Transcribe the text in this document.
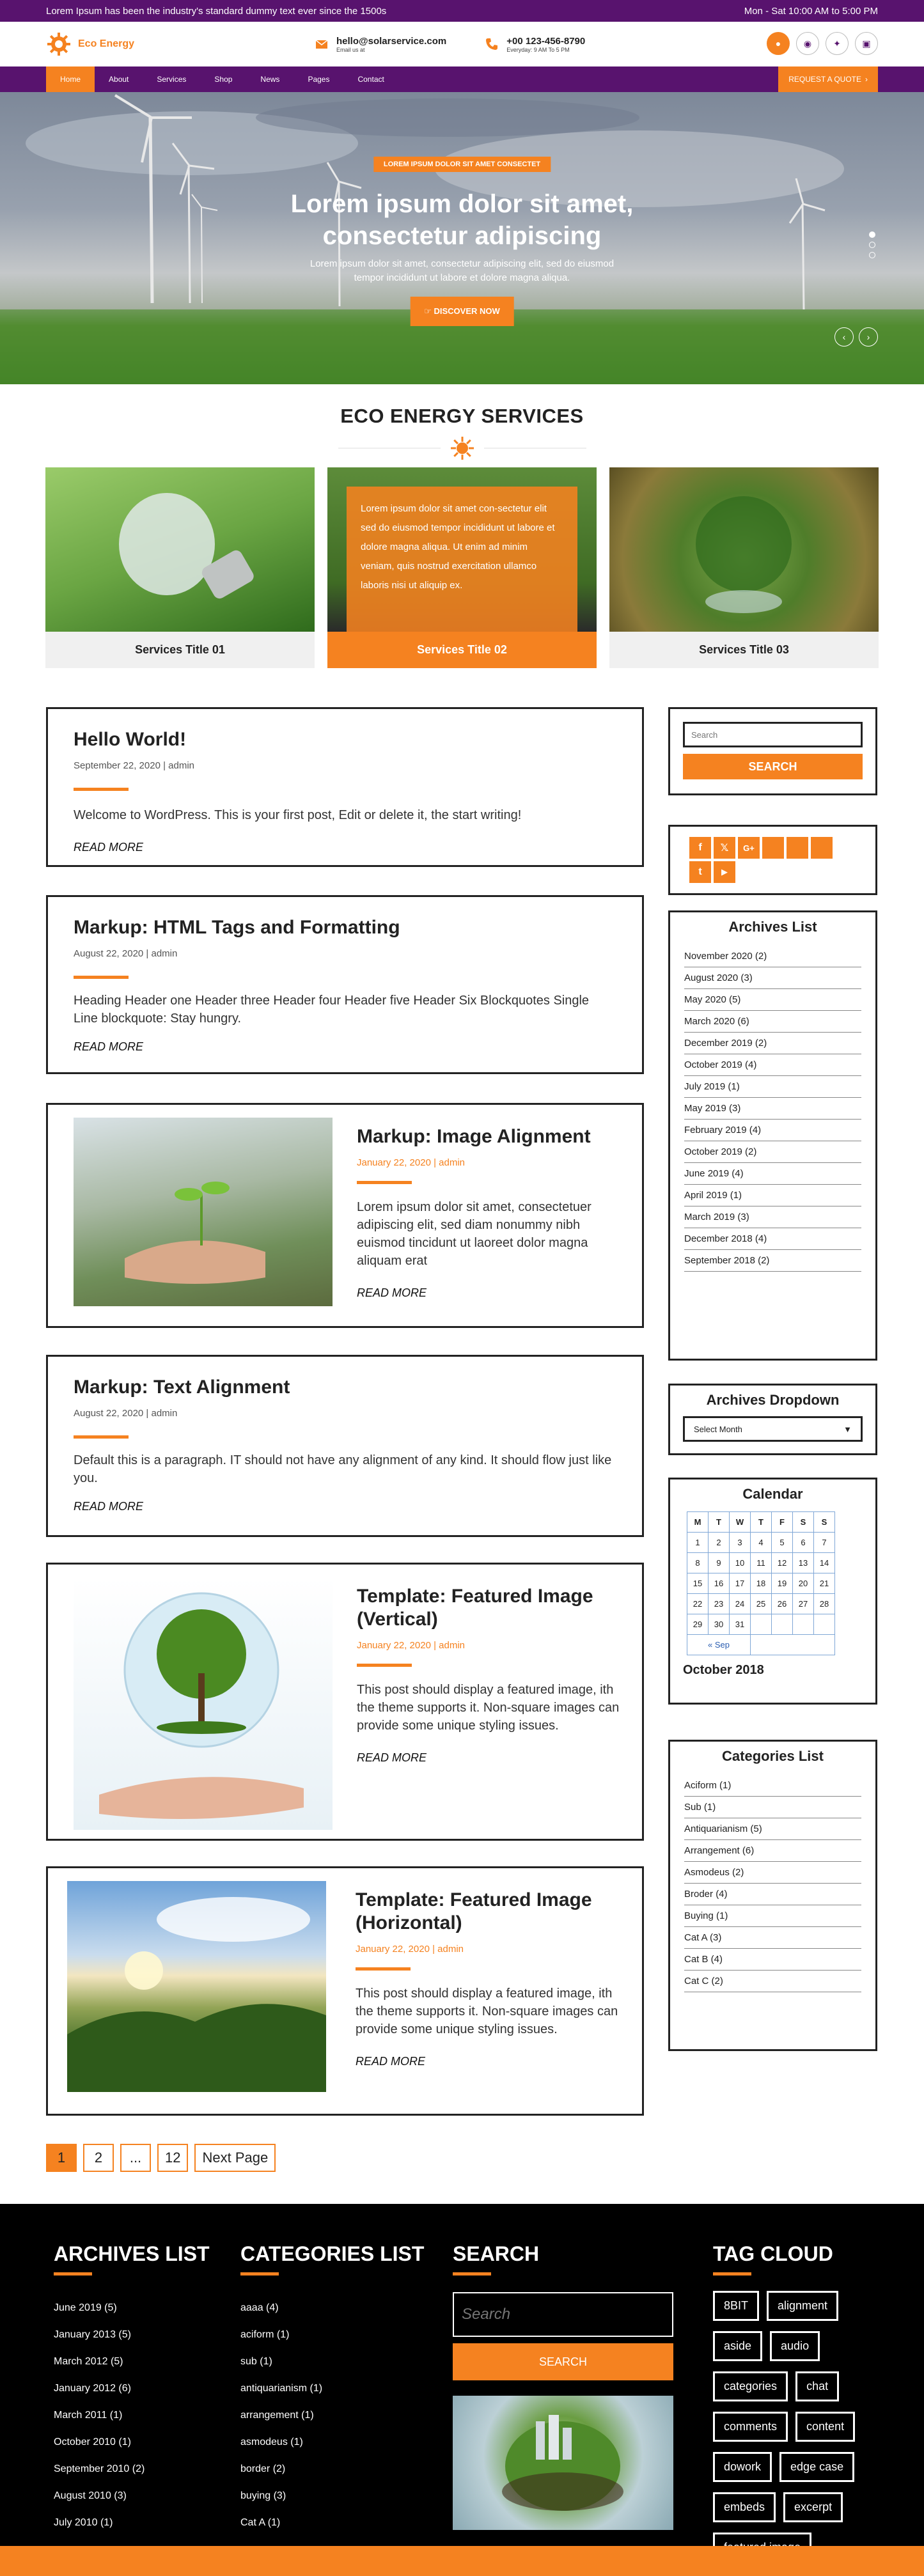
Lorem Ipsum has been the industry's standard dummy text ever since the 1500s	Mon - Sat 10:00 AM to 5:00 PM
Eco Energy	hello@solarservice.com
Email us at
+00 123-456-8790
Everyday: 9 AM To 5 PM
●	◉	✦	▣
Home	About	Services	Shop	News	Pages	Contact	REQUEST A QUOTE ›
LOREM IPSUM DOLOR SIT AMET CONSECTET
Lorem ipsum dolor sit amet, consectetur adipiscing
Lorem ipsum dolor sit amet, consectetur adipiscing elit, sed do eiusmod tempor incididunt ut labore et dolore magna aliqua.
☞ DISCOVER NOW
‹	›
ECO ENERGY SERVICES
Services Title 01
Lorem ipsum dolor sit amet con-sectetur elit sed do eiusmod tempor incididunt ut labore et dolore magna aliqua. Ut enim ad minim veniam, quis nostrud exercitation ullamco laboris nisi ut aliquip ex.
Services Title 02	Services Title 03
Hello World!
September 22, 2020 | admin
Welcome to WordPress. This is your first post, Edit or delete it, the start writing!
READ MORE
Markup: HTML Tags and Formatting
August 22, 2020 | admin
Heading Header one Header three Header four Header five Header Six Blockquotes Single Line blockquote: Stay hungry.
READ MORE
Markup: Image Alignment
January 22, 2020 | admin
Lorem ipsum dolor sit amet, consectetuer adipiscing elit, sed diam nonummy nibh euismod tincidunt ut laoreet dolor magna aliquam erat
READ MORE
Markup: Text Alignment
August 22, 2020 | admin
Default this is a paragraph. IT should not have any alignment of any kind. It should flow just like you.
READ MORE
Template: Featured Image (Vertical)
January 22, 2020 | admin
This post should display a featured image, ith the theme supports it. Non-square images can provide some unique styling issues.
READ MORE
Template: Featured Image (Horizontal)
January 22, 2020 | admin
This post should display a featured image, ith the theme supports it. Non-square images can provide some unique styling issues.
READ MORE
1	2	...	12	Next Page
Search
SEARCH
f	𝕏	G+
t	▶
Archives List
November 2020 (2)
August 2020 (3)
May 2020 (5)
March 2020 (6)
December 2019 (2)
October 2019 (4)
July 2019 (1)
May 2019 (3)
February 2019 (4)
October 2019 (2)
June 2019 (4)
April 2019 (1)
March 2019 (3)
December 2018 (4)
September 2018 (2)
Archives Dropdown
Select Month	▼
Calendar
M	T	W	T	F	S	S
1	2	3	4	5	6	7
8	9	10	11	12	13	14
15	16	17	18	19	20	21
22	23	24	25	26	27	28
29	30	31				
« Sep						
October 2018
Categories List
Aciform (1)
Sub (1)
Antiquarianism (5)
Arrangement (6)
Asmodeus (2)
Broder (4)
Buying (1)
Cat A (3)
Cat B (4)
Cat C (2)
ARCHIVES LIST
June 2019 (5)
January 2013 (5)
March 2012 (5)
January 2012 (6)
March 2011 (1)
October 2010 (1)
September 2010 (2)
August 2010 (3)
July 2010 (1)
CATEGORIES LIST
aaaa (4)
aciform (1)
sub (1)
antiquarianism (1)
arrangement (1)
asmodeus (1)
border (2)
buying (3)
Cat A (1)
SEARCH
Search
SEARCH
TAG CLOUD
8BIT	alignmentaside	audiocategories	chatcomments	contentdowork	edge caseembeds	excerpt
